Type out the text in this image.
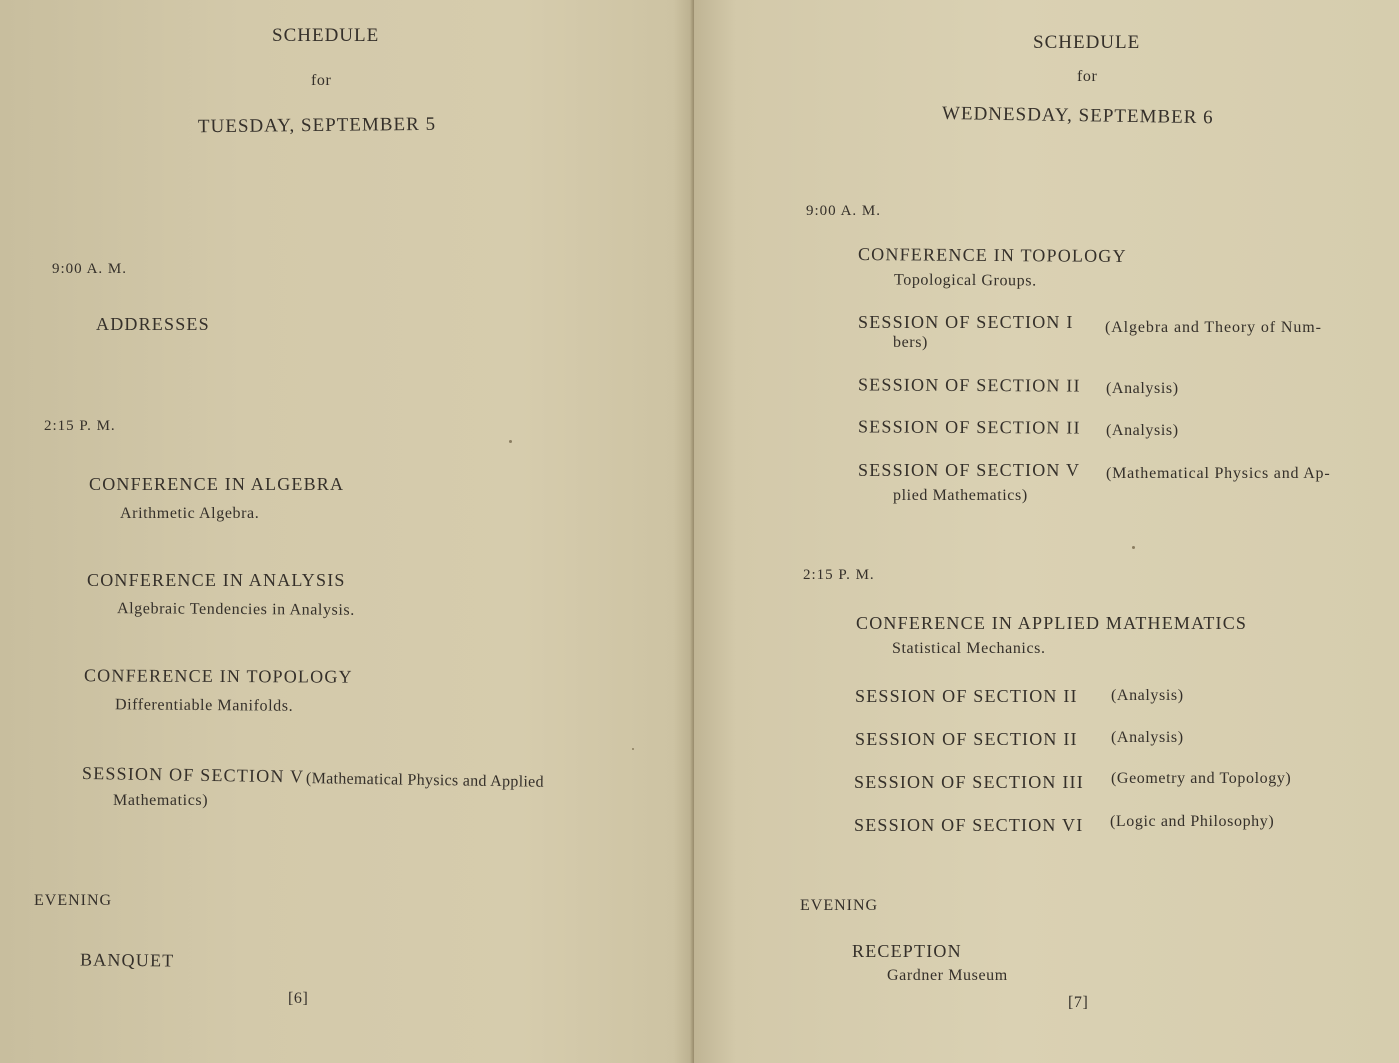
SCHEDULE
for
TUESDAY, SEPTEMBER 5
9:00 A. M.
ADDRESSES
2:15 P. M.
CONFERENCE IN ALGEBRA
Arithmetic Algebra.
CONFERENCE IN ANALYSIS
Algebraic Tendencies in Analysis.
CONFERENCE IN TOPOLOGY
Differentiable Manifolds.
SESSION OF SECTION V (Mathematical Physics and Applied
Mathematics)
EVENING
BANQUET
[6]
SCHEDULE
for
WEDNESDAY, SEPTEMBER 6
9:00 A. M.
CONFERENCE IN TOPOLOGY
Topological Groups.
SESSION OF SECTION I (Algebra and Theory of Num-
bers)
SESSION OF SECTION II (Analysis)
SESSION OF SECTION II (Analysis)
SESSION OF SECTION V (Mathematical Physics and Ap-
plied Mathematics)
2:15 P. M.
CONFERENCE IN APPLIED MATHEMATICS
Statistical Mechanics.
SESSION OF SECTION II (Analysis)
SESSION OF SECTION II (Analysis)
SESSION OF SECTION III (Geometry and Topology)
SESSION OF SECTION VI (Logic and Philosophy)
EVENING
RECEPTION
Gardner Museum
[7]
